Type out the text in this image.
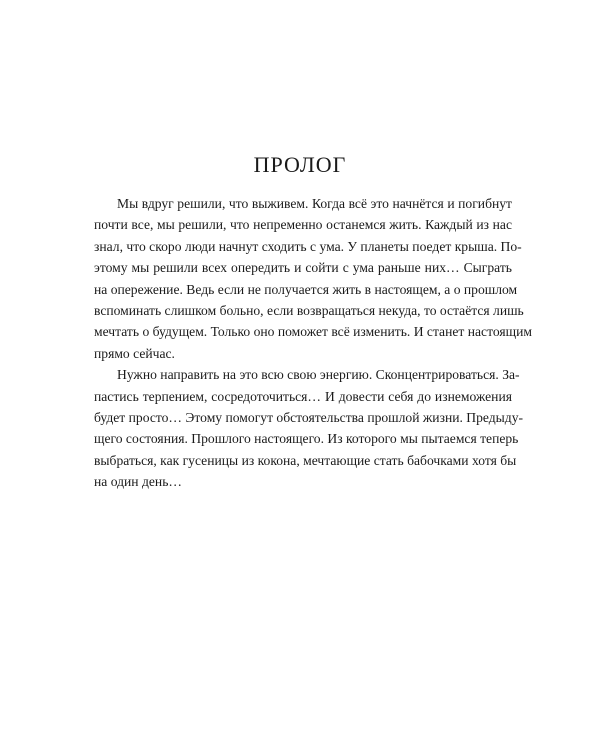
ПРОЛОГ
Мы вдруг решили, что выживем. Когда всё это начнётся и погибнут
почти все, мы решили, что непременно останемся жить. Каждый из нас
знал, что скоро люди начнут сходить с ума. У планеты поедет крыша. По-
этому мы решили всех опередить и сойти с ума раньше них… Сыграть
на опережение. Ведь если не получается жить в настоящем, а о прошлом
вспоминать слишком больно, если возвращаться некуда, то остаётся лишь
мечтать о будущем. Только оно поможет всё изменить. И станет настоящим
прямо сейчас.
Нужно направить на это всю свою энергию. Сконцентрироваться. За-
пастись терпением, сосредоточиться… И довести себя до изнеможения
будет просто… Этому помогут обстоятельства прошлой жизни. Предыду-
щего состояния. Прошлого настоящего. Из которого мы пытаемся теперь
выбраться, как гусеницы из кокона, мечтающие стать бабочками хотя бы
на один день…
